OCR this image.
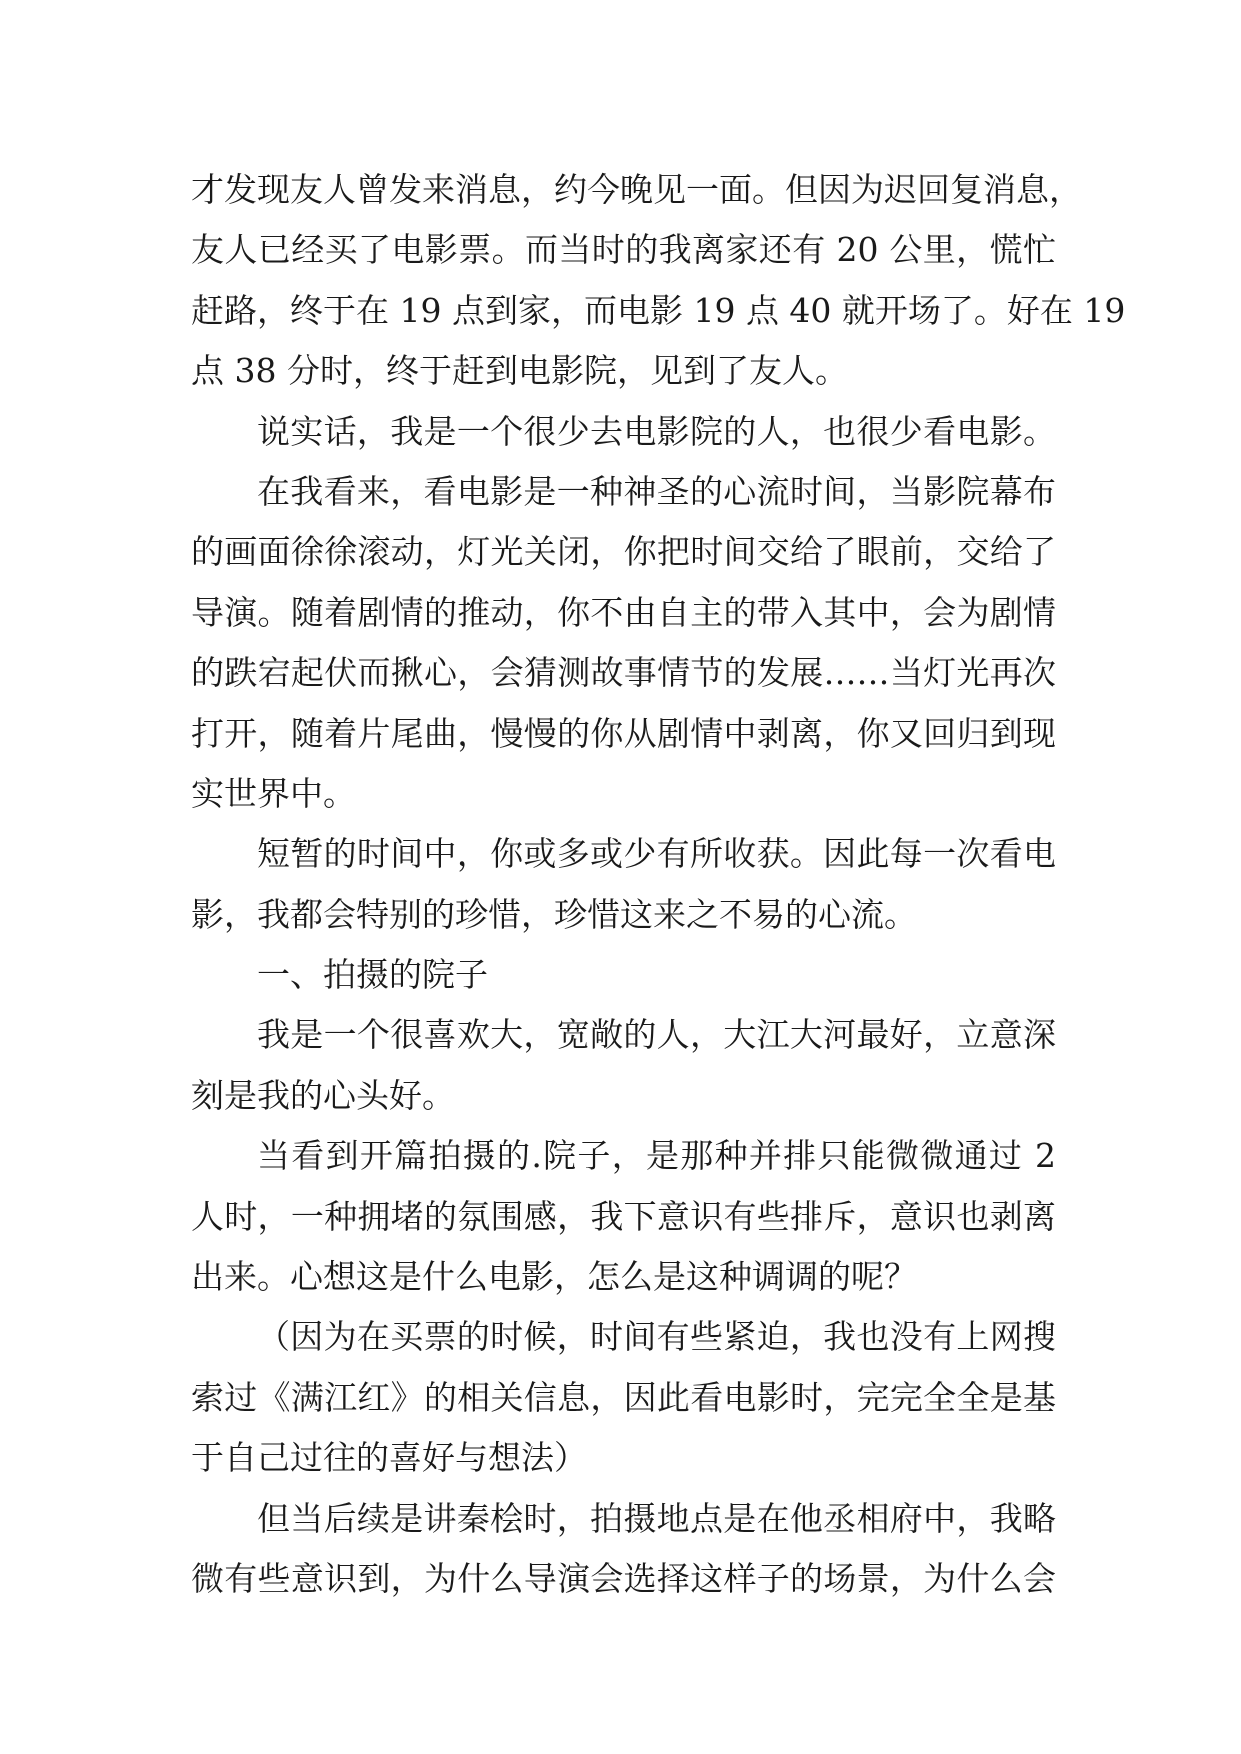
才发现友人曾发来消息，约今晚见一面。但因为迟回复消息，
友人已经买了电影票。而当时的我离家还有 20 公里，慌忙
赶路，终于在 19 点到家，而电影 19 点 40 就开场了。好在 19
点 38 分时，终于赶到电影院，见到了友人。
说实话，我是一个很少去电影院的人，也很少看电影。
在我看来，看电影是一种神圣的心流时间，当影院幕布
的画面徐徐滚动，灯光关闭，你把时间交给了眼前，交给了
导演。随着剧情的推动，你不由自主的带入其中，会为剧情
的跌宕起伏而揪心，会猜测故事情节的发展……当灯光再次
打开，随着片尾曲，慢慢的你从剧情中剥离，你又回归到现
实世界中。
短暂的时间中，你或多或少有所收获。因此每一次看电
影，我都会特别的珍惜，珍惜这来之不易的心流。
一、拍摄的院子
我是一个很喜欢大，宽敞的人，大江大河最好，立意深
刻是我的心头好。
当看到开篇拍摄的.院子，是那种并排只能微微通过 2
人时，一种拥堵的氛围感，我下意识有些排斥，意识也剥离
出来。心想这是什么电影，怎么是这种调调的呢？
（因为在买票的时候，时间有些紧迫，我也没有上网搜
索过《满江红》的相关信息，因此看电影时，完完全全是基
于自己过往的喜好与想法）
但当后续是讲秦桧时，拍摄地点是在他丞相府中，我略
微有些意识到，为什么导演会选择这样子的场景，为什么会
